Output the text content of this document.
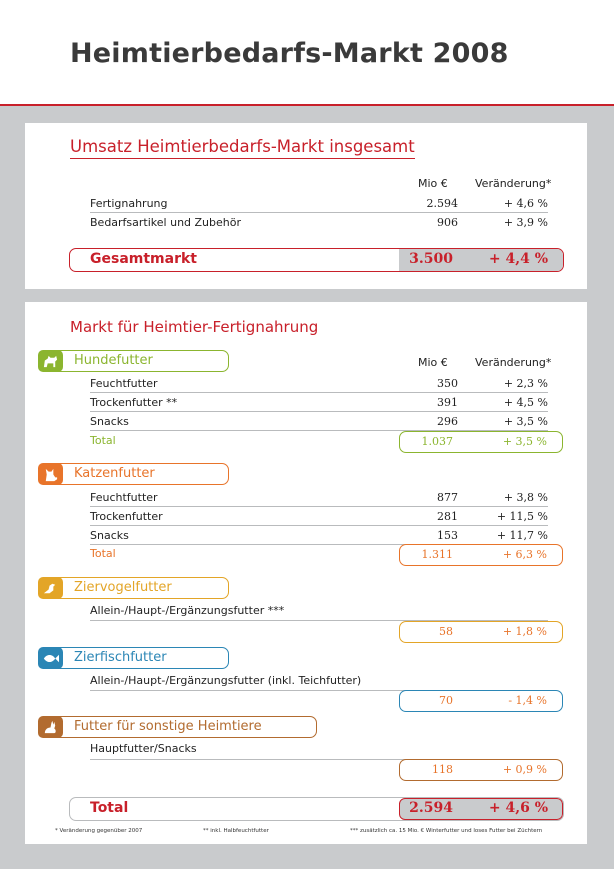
Heimtierbedarfs-Markt 2008
Umsatz Heimtierbedarfs-Markt insgesamt
Mio € Veränderung*
Fertignahrung	2.594	+ 4,6 %
Bedarfsartikel und Zubehör	906	+ 3,9 %
Gesamtmarkt	3.500	+ 4,4 %
Markt für Heimtier-Fertignahrung
Mio € Veränderung*
Hundefutter
Feuchtfutter	350	+ 2,3 %
Trockenfutter **	391	+ 4,5 %
Snacks	296	+ 3,5 %
Total	1.037	+ 3,5 %
Katzenfutter
Feuchtfutter	877	+ 3,8 %
Trockenfutter	281	+ 11,5 %
Snacks	153	+ 11,7 %
Total	1.311	+ 6,3 %
Ziervogelfutter
Allein-/Haupt-/Ergänzungsfutter ***
58	+ 1,8 %
Zierfischfutter
Allein-/Haupt-/Ergänzungsfutter (inkl. Teichfutter)
70	- 1,4 %
Futter für sonstige Heimtiere
Hauptfutter/Snacks
118	+ 0,9 %
Total	2.594	+ 4,6 %
* Veränderung gegenüber 2007	** inkl. Halbfeuchtfutter	*** zusätzlich ca. 15 Mio. € Winterfutter und loses Futter bei Züchtern
